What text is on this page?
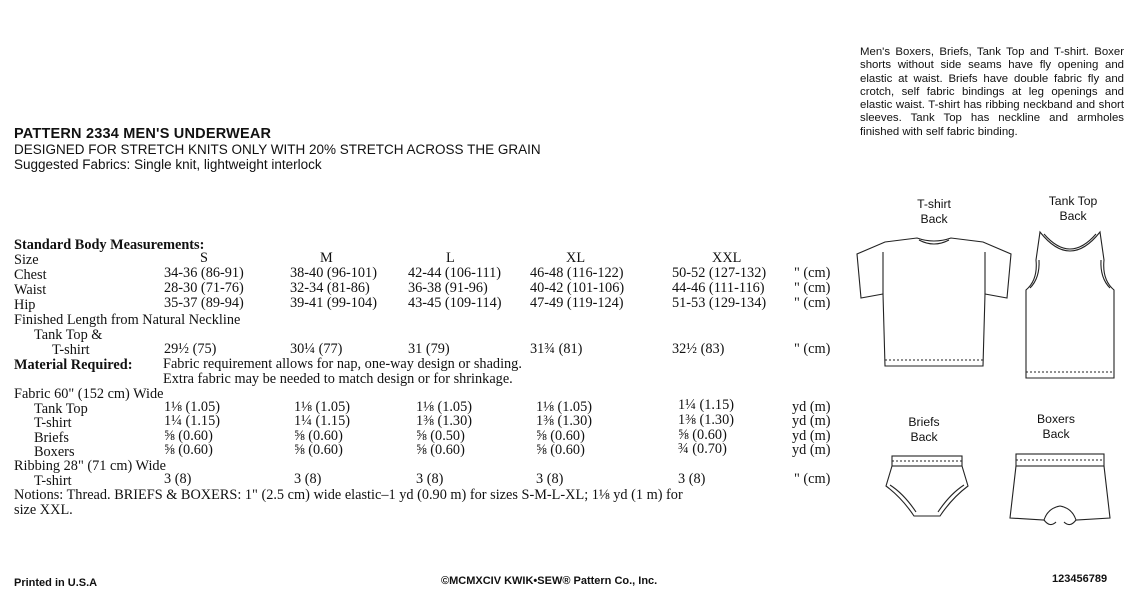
PATTERN 2334 MEN'S UNDERWEAR
DESIGNED FOR STRETCH KNITS ONLY WITH 20% STRETCH ACROSS THE GRAIN
Suggested Fabrics: Single knit, lightweight interlock
Men's Boxers, Briefs, Tank Top and T-shirt. Boxer shorts without side seams have fly opening and elastic at waist. Briefs have double fabric fly and crotch, self fabric bindings at leg openings and elastic waist. T-shirt has ribbing neckband and short sleeves. Tank Top has neckline and armholes finished with self fabric binding.
Standard Body Measurements:
Size	S	M	L	XL	XXL
Chest	34-36 (86-91)	38-40 (96-101) 42-44 (106-111) 46-48 (116-122)	50-52 (127-132) " (cm)
Waist	28-30 (71-76)	32-34 (81-86)	36-38 (91-96)	40-42 (101-106)	44-46 (111-116) " (cm)
Hip	35-37 (89-94)	39-41 (99-104) 43-45 (109-114) 47-49 (119-124)	51-53 (129-134) " (cm)
Finished Length from Natural Neckline
Tank Top &
T-shirt	29½ (75)	30¼ (77)	31 (79)	31¾ (81)	32½ (83)	" (cm)
Material Required: Fabric requirement allows for nap, one-way design or shading.
Extra fabric may be needed to match design or for shrinkage.
Fabric 60" (152 cm) Wide
Tank Top	1⅛ (1.05)	1⅛ (1.05)	1⅛ (1.05)	1⅛ (1.05)	1¼ (1.15)	yd (m)
T-shirt	1¼ (1.15)	1¼ (1.15)	1⅜ (1.30)	1⅜ (1.30)	1⅜ (1.30)	yd (m)
Briefs	⅝ (0.60)	⅝ (0.60)	⅝ (0.50)	⅝ (0.60)	⅝ (0.60)	yd (m)
Boxers	⅝ (0.60)	⅝ (0.60)	⅝ (0.60)	⅝ (0.60)	¾ (0.70)	yd (m)
Ribbing 28" (71 cm) Wide
T-shirt	3 (8)	3 (8)	3 (8)	3 (8)	3 (8)	" (cm)
Notions: Thread. BRIEFS & BOXERS: 1" (2.5 cm) wide elastic–1 yd (0.90 m) for sizes S-M-L-XL; 1⅛ yd (1 m) for
size XXL.
T-shirt
Back
Tank Top
Back
Briefs
Back
Boxers
Back
Printed in U.S.A	©MCMXCIV KWIK•SEW® Pattern Co., Inc.	123456789
